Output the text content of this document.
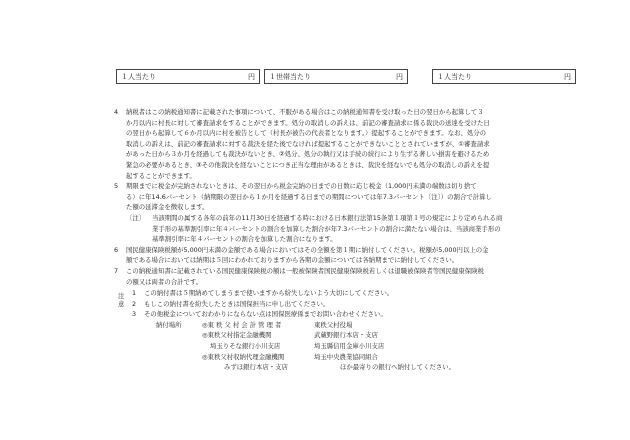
１人当たり	円 １世帯当たり	円	１人当たり	円
4 納税者はこの納税通知書に記載された事項について、不服がある場合はこの納税通知書を受け取った日の翌日から起算して３
か月以内に村長に対して審査請求をすることができます。処分の取消しの訴えは、前記の審査請求に係る裁決の送達を受けた日
の翌日から起算して６か月以内に村を被告として（村長が被告の代表者となります。）提起することができます。なお、処分の
取消しの訴えは、前記の審査請求に対する裁決を経た後でなければ提起することができないこととされていますが、①審査請求
があった日から３か月を経過しても裁決がないとき、②処分、処分の執行又は手続の続行により生ずる著しい損害を避けるため
緊急の必要があるとき、③その他裁決を経ないことにつき正当な理由があるときは、裁決を経ないでも処分の取消しの訴えを提
起することができます。
5 期限までに税金が完納されないときは、その翌日から税金完納の日までの日数に応じ税金（1,000円未満の端数は切り捨て
る）に年14.6パーセント（納期限の翌日から１か月を経過する日までの期間については年7.3パーセント〔注〕）の割合で計算し
た額の延滞金を徴収します。
〔注〕	当該期間の属する各年の前年の11月30日を経過する時における日本銀行法第15条第１項第１号の規定により定められる商
業手形の基準割引率に年４パーセントの割合を加算した割合が年7.3パーセントの割合に満たない場合は、当該商業手形の
基準割引率に年４パーセントの割合を加算した割合になります。
6 国民健康保険税額が5,000円未満の金額である場合においてはその全額を第１期に納付してください。税額が5,000円以上の金
額である場合においては納期は５回にわかれておりますから各期の金額については各納期までに納付してください。
7 この納税通知書に記載されている国民健康保険税の額は一般被保険者国民健康保険税若しくは退職被保険者等国民健康保険税
の額又は両者の合計です。
注意
1 この納付書は５期納めてしまうまで使いますから紛失しないよう大切にしてください。
2 もしこの納付書を紛失したときは国保担当に申し出てください。
3 その他税金についておわかりにならない点は国保医療係までお問い合わせください。
納付場所	◎東 秩 父 村 会 計 管 理 者	東秩父村役場
◎東秩父村指定金融機関	武蔵野銀行本店・支店
埼玉りそな銀行小川支店	埼玉縣信用金庫小川支店
◎東秩父村収納代理金融機関	埼玉中央農業協同組合
みずほ銀行本店・支店	ほか最寄りの銀行へ納付してください。
